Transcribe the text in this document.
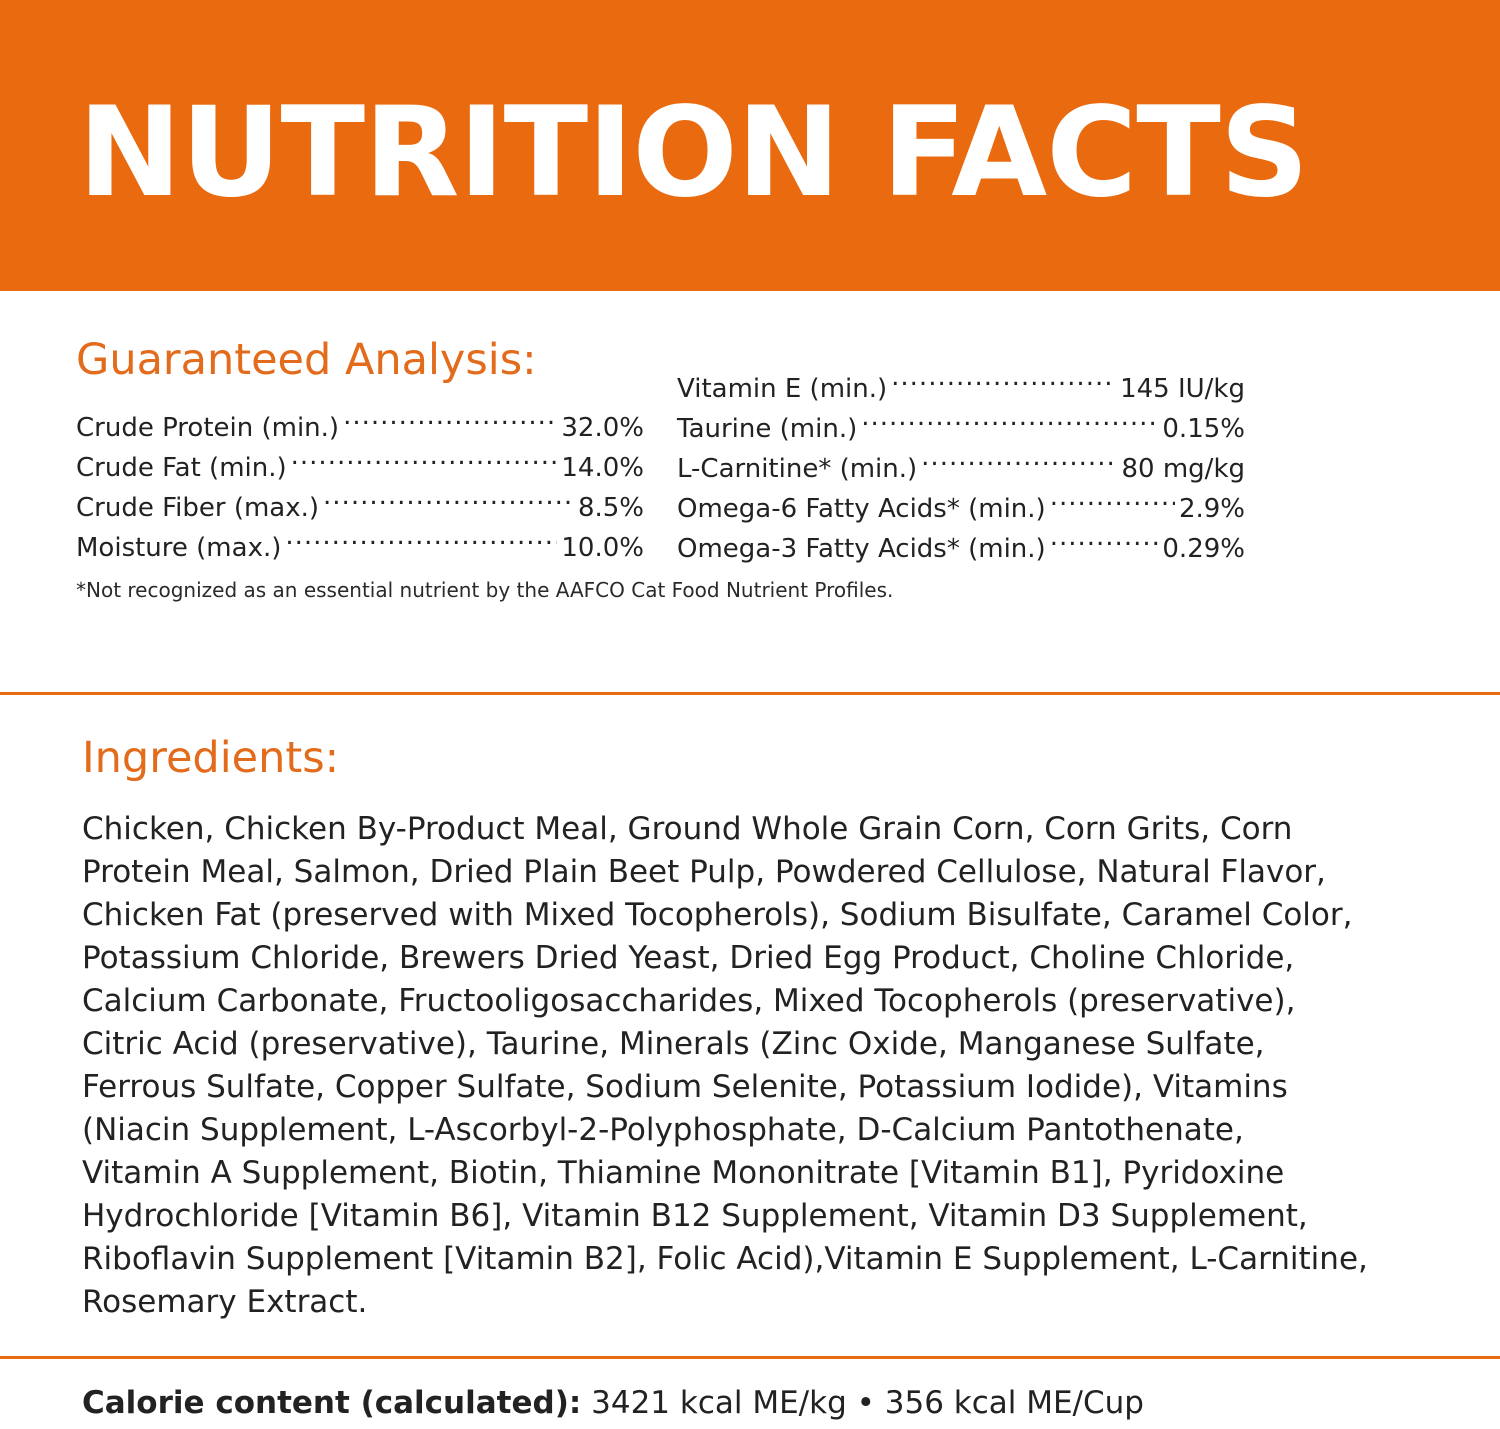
NUTRITION FACTS
Guaranteed Analysis:
Crude Protein (min.) .....	32.0%
Crude Fat (min.) .....	14.0%
Crude Fiber (max.) .....	8.5%
Moisture (max.) .....	10.0%
Vitamin E (min.) .....	145 IU/kg
Taurine (min.) .....	0.15%
L-Carnitine* (min.) .....	80 mg/kg
Omega-6 Fatty Acids* (min.) .....	2.9%
Omega-3 Fatty Acids* (min.) .....	0.29%
*Not recognized as an essential nutrient by the AAFCO Cat Food Nutrient Profiles.
Ingredients:
Chicken, Chicken By-Product Meal, Ground Whole Grain Corn, Corn Grits, Corn
Protein Meal, Salmon, Dried Plain Beet Pulp, Powdered Cellulose, Natural Flavor,
Chicken Fat (preserved with Mixed Tocopherols), Sodium Bisulfate, Caramel Color,
Potassium Chloride, Brewers Dried Yeast, Dried Egg Product, Choline Chloride,
Calcium Carbonate, Fructooligosaccharides, Mixed Tocopherols (preservative),
Citric Acid (preservative), Taurine, Minerals (Zinc Oxide, Manganese Sulfate,
Ferrous Sulfate, Copper Sulfate, Sodium Selenite, Potassium Iodide), Vitamins
(Niacin Supplement, L-Ascorbyl-2-Polyphosphate, D-Calcium Pantothenate,
Vitamin A Supplement, Biotin, Thiamine Mononitrate [Vitamin B1], Pyridoxine
Hydrochloride [Vitamin B6], Vitamin B12 Supplement, Vitamin D3 Supplement,
Riboflavin Supplement [Vitamin B2], Folic Acid),Vitamin E Supplement, L-Carnitine,
Rosemary Extract.
Calorie content (calculated): 3421 kcal ME/kg • 356 kcal ME/Cup
